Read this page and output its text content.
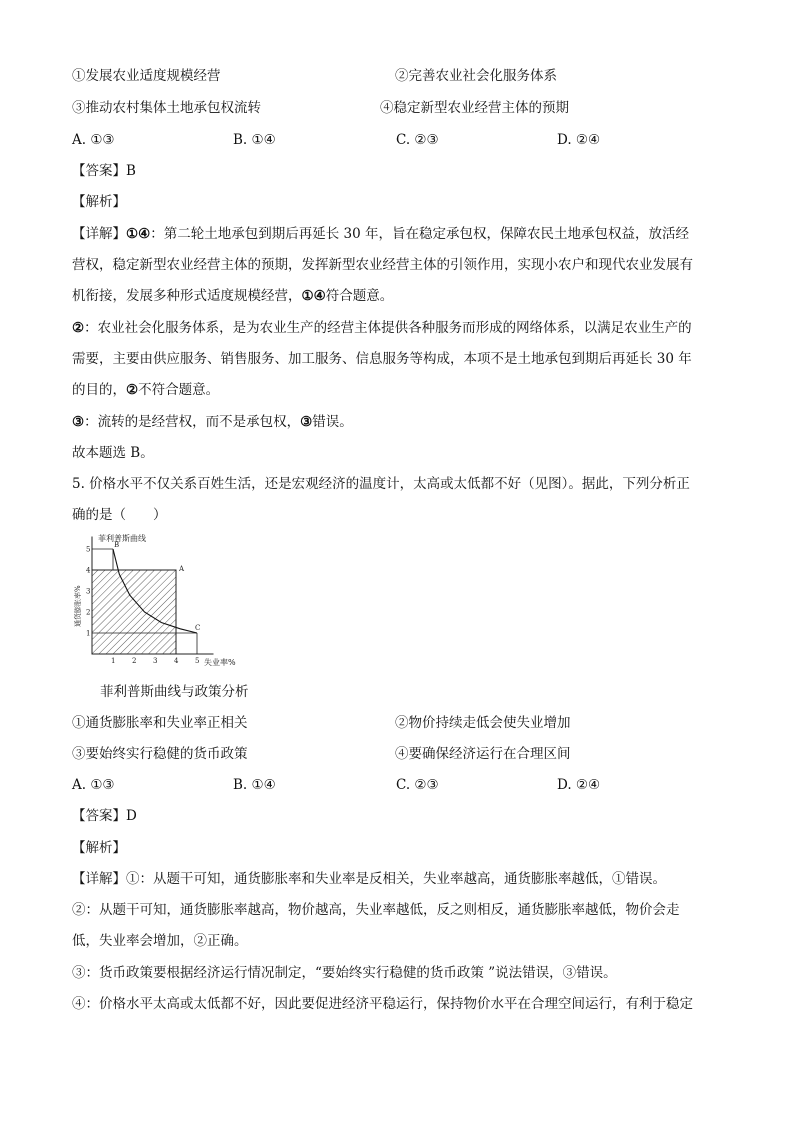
①发展农业适度规模经营	②完善农业社会化服务体系
③推动农村集体土地承包权流转	④稳定新型农业经营主体的预期
A. ①③	B. ①④	C. ②③	D. ②④
【答案】B
【解析】
【详解】①④：第二轮土地承包到期后再延长 30 年，旨在稳定承包权，保障农民土地承包权益，放活经
营权，稳定新型农业经营主体的预期，发挥新型农业经营主体的引领作用，实现小农户和现代农业发展有
机衔接，发展多种形式适度规模经营，①④符合题意。
②：农业社会化服务体系，是为农业生产的经营主体提供各种服务而形成的网络体系，以满足农业生产的
需要，主要由供应服务、销售服务、加工服务、信息服务等构成，本项不是土地承包到期后再延长 30 年
的目的，②不符合题意。
③：流转的是经营权，而不是承包权，③错误。
故本题选 B。
5. 价格水平不仅关系百姓生活，还是宏观经济的温度计，太高或太低都不好（见图）。据此，下列分析正
确的是（　　）
1 2 3 4 5
1
2
3
4
5
B
A
C
菲利普斯曲线
失业率%
通货膨胀率%
菲利普斯曲线与政策分析
①通货膨胀率和失业率正相关	②物价持续走低会使失业增加
③要始终实行稳健的货币政策	④要确保经济运行在合理区间
A. ①③	B. ①④	C. ②③	D. ②④
【答案】D
【解析】
【详解】①：从题干可知，通货膨胀率和失业率是反相关，失业率越高，通货膨胀率越低，①错误。
②：从题干可知，通货膨胀率越高，物价越高，失业率越低，反之则相反，通货膨胀率越低，物价会走
低，失业率会增加，②正确。
③：货币政策要根据经济运行情况制定，“要始终实行稳健的货币政策 ”说法错误，③错误。
④：价格水平太高或太低都不好，因此要促进经济平稳运行，保持物价水平在合理空间运行，有利于稳定
